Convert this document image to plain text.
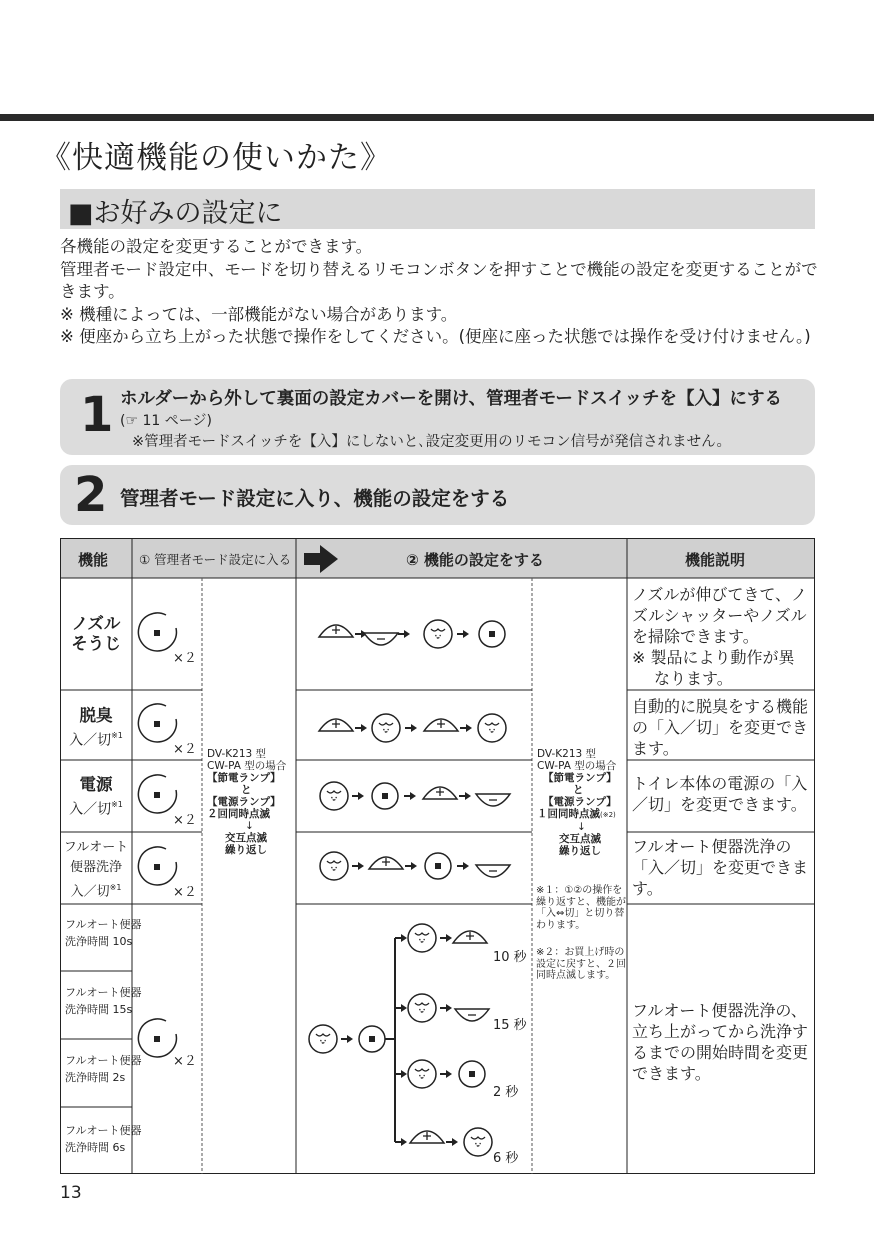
《快適機能の使いかた》
■お好みの設定に

各機能の設定を変更することができます。

管理者モード設定中、モードを切り替えるリモコンボタンを押すことで機能の設定を変更することができます。

※ 機種によっては、一部機能がない場合があります。

※ 便座から立ち上がった状態で操作をしてください。(便座に座った状態では操作を受け付けません。)

1 ホルダーから外して裏面の設定カバーを開け、管理者モードスイッチを【入】にする
(☞ 11 ページ)
※管理者モードスイッチを【入】にしないと､設定変更用のリモコン信号が発信されません。
2 管理者モード設定に入り、機能の設定をする
機能 ① 管理者モード設定に入る	② 機能の設定をする	機能説明
ノズル
そうじ
脱臭
入／切$^{※1}$
電源
入／切$^{※1}$
フルオート
便器洗浄
入／切$^{※1}$
フルオート便器
洗浄時間 10s
フルオート便器
洗浄時間 15s
フルオート便器
洗浄時間 2s
フルオート便器
洗浄時間 6s
×２
×２
×２
×２
×２
DV-K213 型
CW-PA 型の場合
【節電ランプ】
と
【電源ランプ】
２回同時点滅
↓
交互点滅
繰り返し
DV-K213 型
CW-PA 型の場合
【節電ランプ】
と
【電源ランプ】
１回同時点滅(※2)
↓
交互点滅
繰り返し
※１：①②の操作を繰り返すと、機能が「入⇔切」と切り替わります。
※２：お買上げ時の設定に戻すと、２回同時点滅します。
10 秒
15 秒
2 秒
6 秒
ノズルが伸びてきて、ノズルシャッターやノズルを掃除できます。
※ 製品により動作が異なります。
自動的に脱臭をする機能の「入／切」を変更できます。
トイレ本体の電源の「入／切」を変更できます。
フルオート便器洗浄の「入／切」を変更できます。
フルオート便器洗浄の、立ち上がってから洗浄するまでの開始時間を変更できます。
13
